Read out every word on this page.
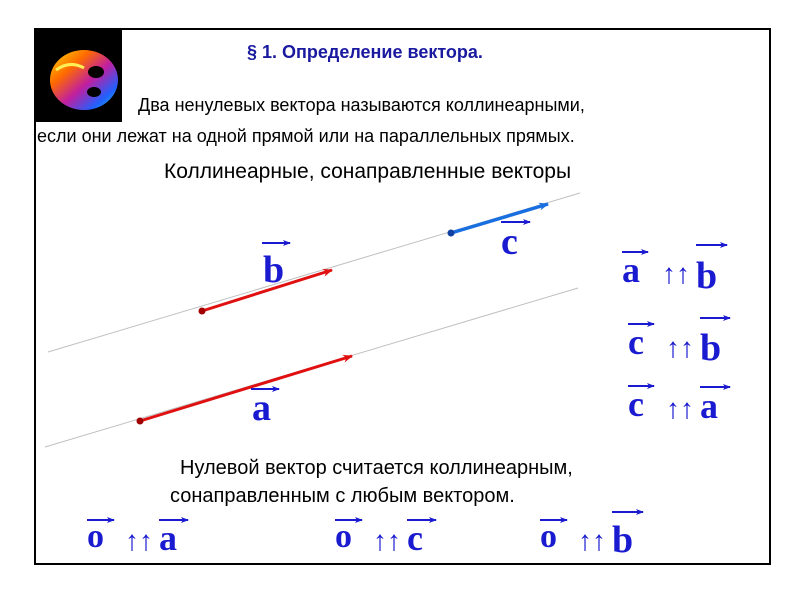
§ 1. Определение вектора.
Два ненулевых вектора называются коллинеарными,
если они лежат на одной прямой или на параллельных прямых.
Коллинеарные, сонаправленные векторы
Нулевой вектор считается коллинеарным,
сонаправленным с любым вектором.
b
c
a
a ↑↑ b
c ↑↑ b
c ↑↑ a
o ↑↑ a	o ↑↑ c	o ↑↑ b
